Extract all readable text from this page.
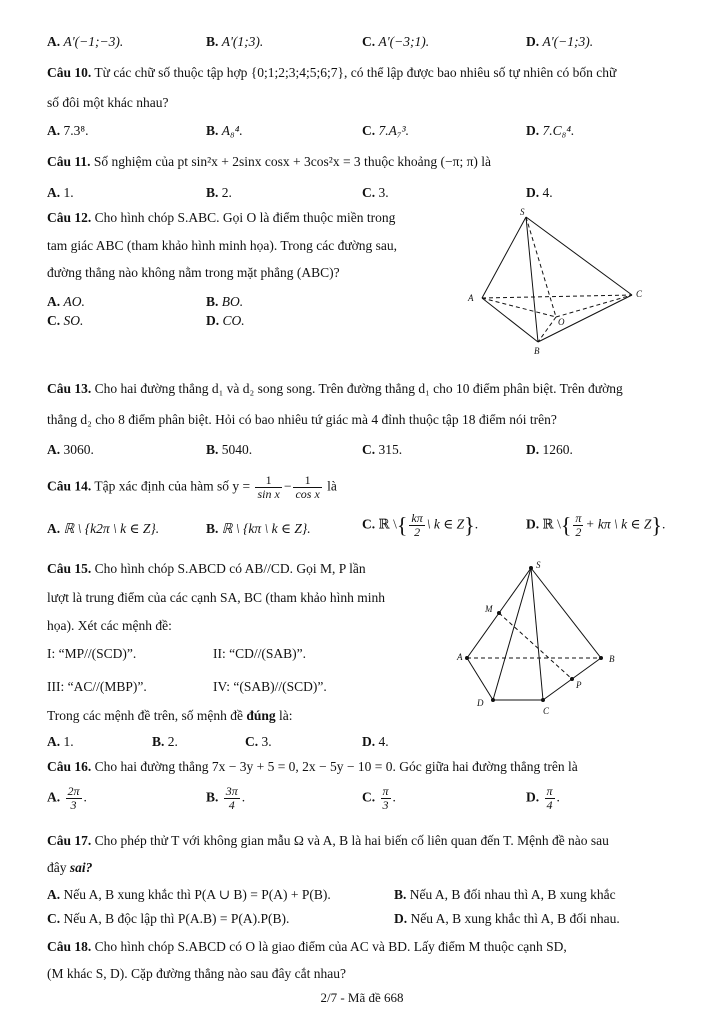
A. A'(−1;−3).	B. A'(1;3).	C. A'(−3;1).	D. A'(−1;3).
Câu 10. Từ các chữ số thuộc tập hợp {0;1;2;3;4;5;6;7}, có thể lập được bao nhiêu số tự nhiên có bốn chữ
số đôi một khác nhau?
A. 7.3⁸.	B. A₈⁴.	C. 7.A₇³.	D. 7.C₈⁴.
Câu 11. Số nghiệm của pt sin²x + 2sinx cosx + 3cos²x = 3 thuộc khoảng (−π; π) là
A. 1.	B. 2.	C. 3.	D. 4.
Câu 12. Cho hình chóp S.ABC. Gọi O là điểm thuộc miền trong
tam giác ABC (tham khảo hình minh họa). Trong các đường sau,
đường thẳng nào không nằm trong mặt phẳng (ABC)?
A. AO.	B. BO.
C. SO.	D. CO.
S
A	C
B
O
Câu 13. Cho hai đường thẳng d₁ và d₂ song song. Trên đường thẳng d₁ cho 10 điểm phân biệt. Trên đường
thẳng d₂ cho 8 điểm phân biệt. Hỏi có bao nhiêu tứ giác mà 4 đỉnh thuộc tập 18 điểm nói trên?
A. 3060.	B. 5040.	C. 315.	D. 1260.
Câu 14. Tập xác định của hàm số $y = \frac{1}{\text{sin x}} - \frac{1}{\text{cos x}}$ là
A. ℝ \ {k2π \ k ∈ Z}.	B. ℝ \ {kπ \ k ∈ Z}.	C. ℝ \{ $\frac{k\pi}{2}$ \ k ∈ Z}.	D. ℝ \{ $\frac{\pi}{2} + k\pi$ \ k ∈ Z}.
Câu 15. Cho hình chóp S.ABCD có AB//CD. Gọi M, P lần
lượt là trung điểm của các cạnh SA, BC (tham khảo hình minh
họa). Xét các mệnh đề:
I: “MP//(SCD)”.	II: “CD//(SAB)”.
III: “AC//(MBP)”.	IV: “(SAB)//(SCD)”.
Trong các mệnh đề trên, số mệnh đề đúng là:
A. 1.	B. 2.	C. 3.	D. 4.
S
M
A	B
P
D
C
Câu 16. Cho hai đường thẳng 7x − 3y + 5 = 0, 2x − 5y − 10 = 0. Góc giữa hai đường thẳng trên là
A. $\frac{2\pi}{3}$ .	B. $\frac{3\pi}{4}$ .	C. $\frac{\pi}{3}$ .	D. $\frac{\pi}{4}$ .
Câu 17. Cho phép thử T với không gian mẫu Ω và A, B là hai biến cố liên quan đến T. Mệnh đề nào sau
đây sai?
A. Nếu A, B xung khắc thì P(A ∪ B) = P(A) + P(B).	B. Nếu A, B đối nhau thì A, B xung khắc
C. Nếu A, B độc lập thì P(A.B) = P(A).P(B).	D. Nếu A, B xung khắc thì A, B đối nhau.
Câu 18. Cho hình chóp S.ABCD có O là giao điểm của AC và BD. Lấy điểm M thuộc cạnh SD,
(M khác S, D). Cặp đường thẳng nào sau đây cắt nhau?
2/7 - Mã đề 668
